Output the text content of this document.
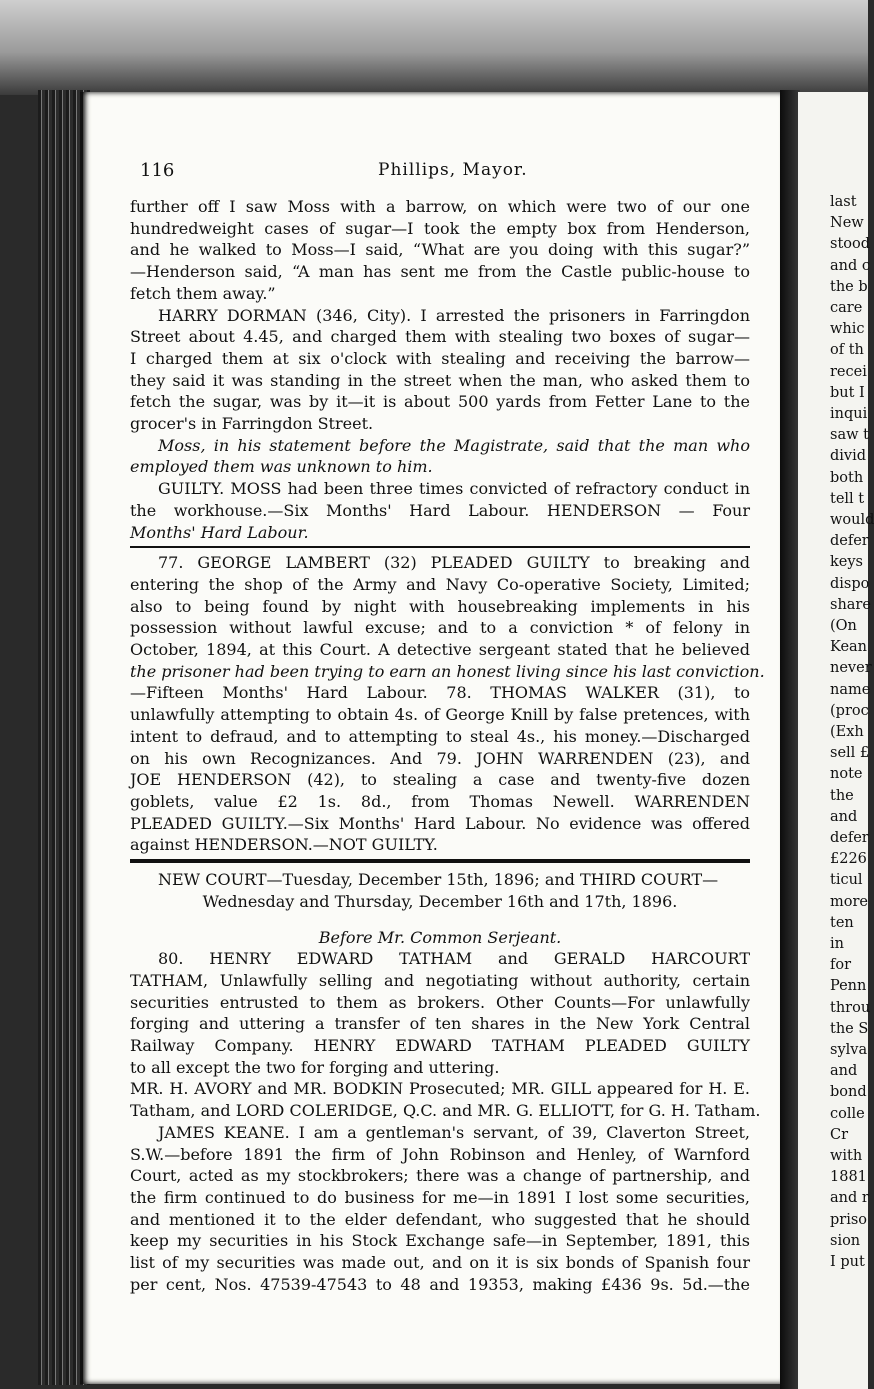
last
New
stood
and c
the b
care
whic
of th
recei
but I
inqui
saw t
divid
both
tell t
would
defer
keys
dispo
share
(On
Kean
never
name
(proc
(Exh
sell £
note
the
and
defer
£226
ticul
more
ten
in
for
Penn
throu
the S
sylva
and
bond
colle
Cr
with
1881
and r
priso
sion
I put
116	Phillips, Mayor.
further off I saw Moss with a barrow, on which were two of our one
hundredweight cases of sugar—I took the empty box from Henderson,
and he walked to Moss—I said, “What are you doing with this sugar?”
—Henderson said, “A man has sent me from the Castle public-house to
fetch them away.”
HARRY DORMAN (346, City). I arrested the prisoners in Farringdon
Street about 4.45, and charged them with stealing two boxes of sugar—
I charged them at six o'clock with stealing and receiving the barrow—
they said it was standing in the street when the man, who asked them to
fetch the sugar, was by it—it is about 500 yards from Fetter Lane to the
grocer's in Farringdon Street.
Moss, in his statement before the Magistrate, said that the man who
employed them was unknown to him.
GUILTY. MOSS had been three times convicted of refractory conduct in
the workhouse.—Six Months' Hard Labour. HENDERSON — Four
Months' Hard Labour.
77. GEORGE LAMBERT (32) PLEADED GUILTY to breaking and
entering the shop of the Army and Navy Co-operative Society, Limited;
also to being found by night with housebreaking implements in his
possession without lawful excuse; and to a conviction * of felony in
October, 1894, at this Court. A detective sergeant stated that he believed
the prisoner had been trying to earn an honest living since his last conviction.
—Fifteen Months' Hard Labour. 78. THOMAS WALKER (31), to
unlawfully attempting to obtain 4s. of George Knill by false pretences, with
intent to defraud, and to attempting to steal 4s., his money.—Discharged
on his own Recognizances. And 79. JOHN WARRENDEN (23), and
JOE HENDERSON (42), to stealing a case and twenty-five dozen
goblets, value £2 1s. 8d., from Thomas Newell. WARRENDEN
PLEADED GUILTY.—Six Months' Hard Labour. No evidence was offered
against HENDERSON.—NOT GUILTY.
NEW COURT—Tuesday, December 15th, 1896; and THIRD COURT—
Wednesday and Thursday, December 16th and 17th, 1896.
Before Mr. Common Serjeant.
80. HENRY EDWARD TATHAM and GERALD HARCOURT
TATHAM, Unlawfully selling and negotiating without authority, certain
securities entrusted to them as brokers. Other Counts—For unlawfully
forging and uttering a transfer of ten shares in the New York Central
Railway Company. HENRY EDWARD TATHAM PLEADED GUILTY
to all except the two for forging and uttering.
MR. H. AVORY and MR. BODKIN Prosecuted; MR. GILL appeared for H. E.
Tatham, and LORD COLERIDGE, Q.C. and MR. G. ELLIOTT, for G. H. Tatham.
JAMES KEANE. I am a gentleman's servant, of 39, Claverton Street,
S.W.—before 1891 the firm of John Robinson and Henley, of Warnford
Court, acted as my stockbrokers; there was a change of partnership, and
the firm continued to do business for me—in 1891 I lost some securities,
and mentioned it to the elder defendant, who suggested that he should
keep my securities in his Stock Exchange safe—in September, 1891, this
list of my securities was made out, and on it is six bonds of Spanish four
per cent, Nos. 47539-47543 to 48 and 19353, making £436 9s. 5d.—the
